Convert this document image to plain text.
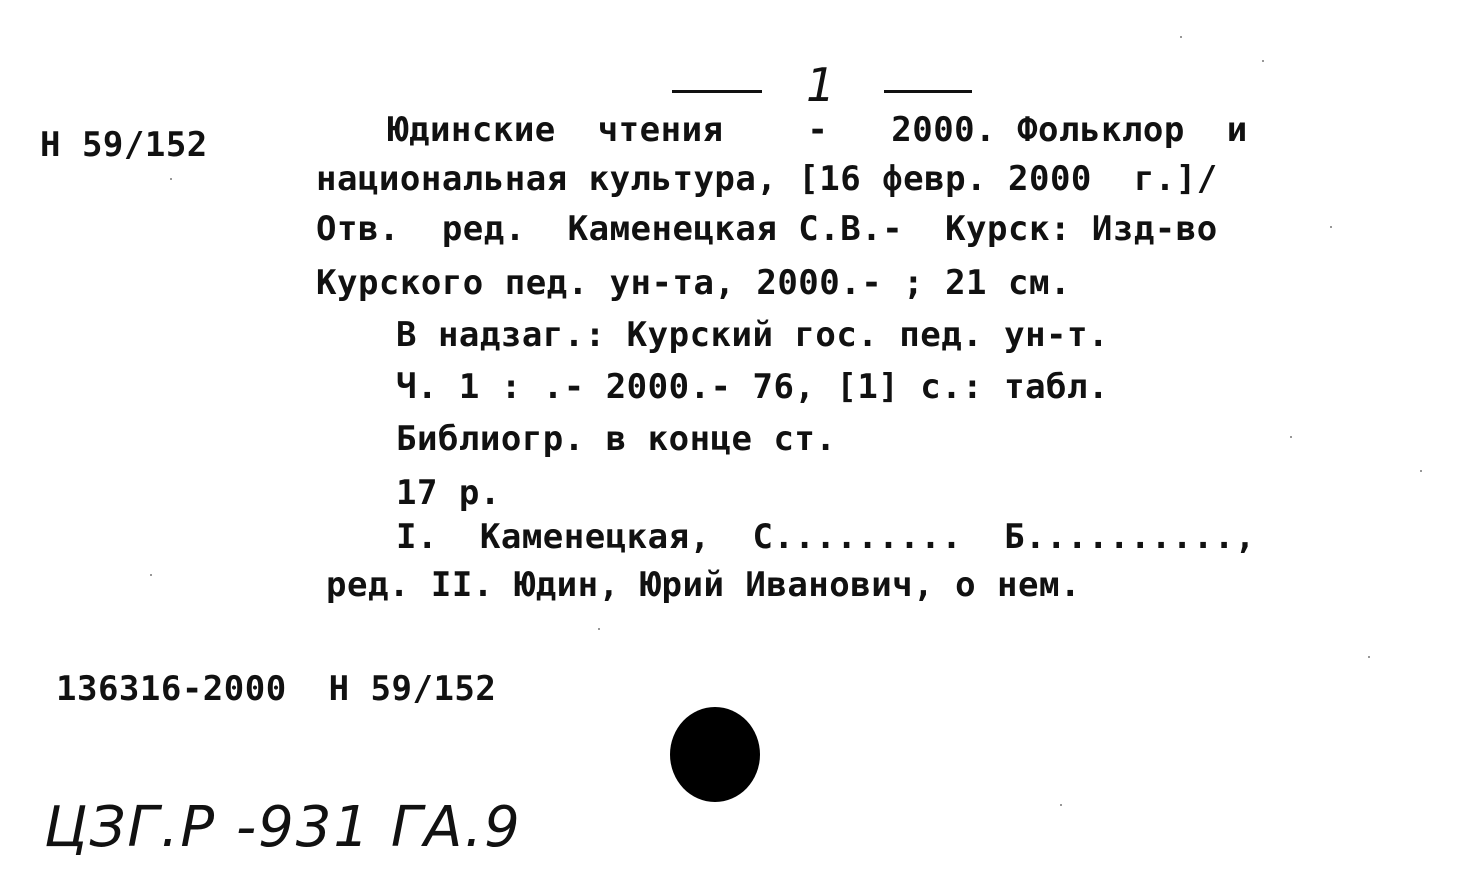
1
Н 59/152	Юдинские  чтения    -   2000. Фольклор  и
национальная культура, [16 февр. 2000  г.]/
Отв.  ред.  Каменецкая С.В.-  Курск: Изд-во
Курского пед. ун-та, 2000.- ; 21 см.
В надзаг.: Курский гос. пед. ун-т.
Ч. 1 : .- 2000.- 76, [1] с.: табл.
Библиогр. в конце ст.
17 р.
I.  Каменецкая,  С.........  Б..........,
ред. II. Юдин, Юрий Иванович, о нем.
136316-2000  Н 59/152
ЦЗГ.Р -931 ГА.9
